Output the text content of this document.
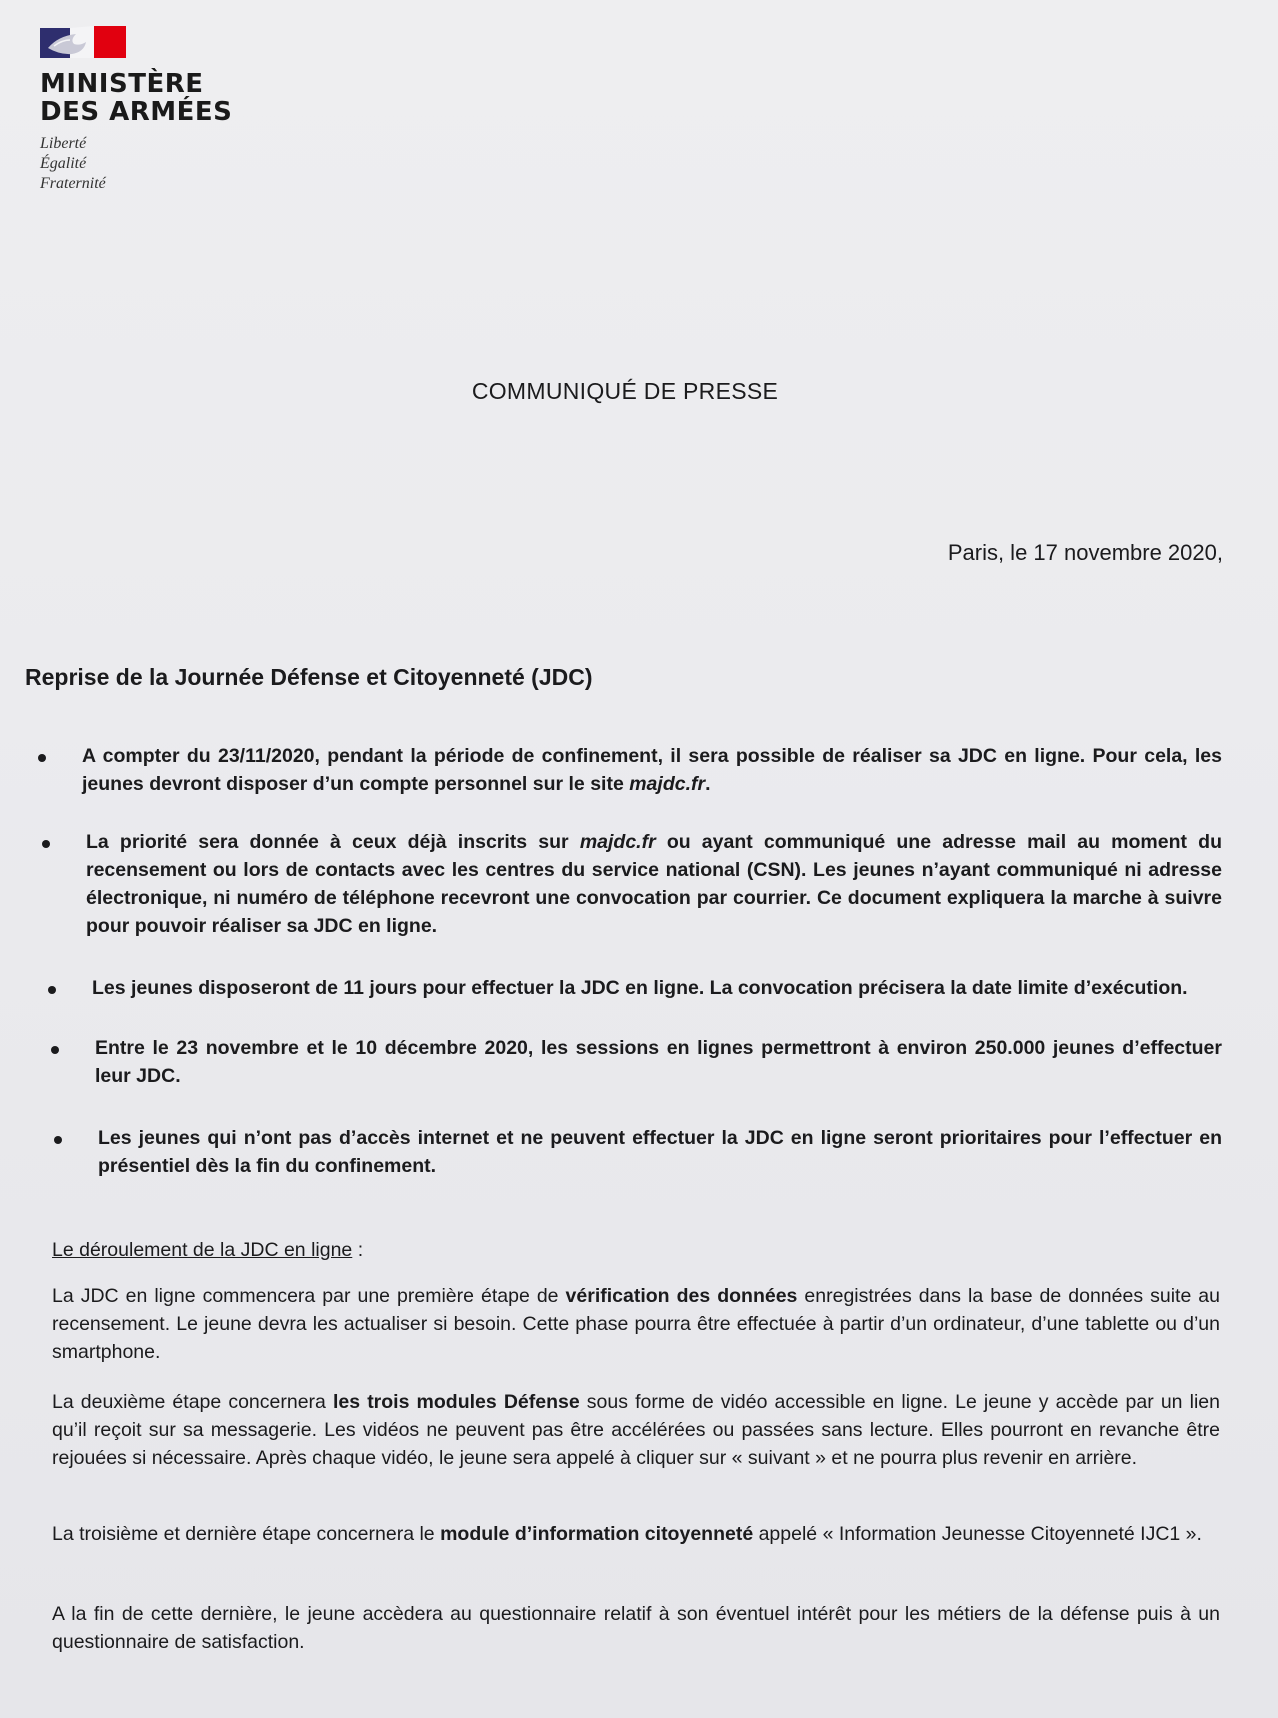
MINISTÈRE
DES ARMÉES
Liberté
Égalité
Fraternité
COMMUNIQUÉ DE PRESSE
Paris, le 17 novembre 2020,
Reprise de la Journée Défense et Citoyenneté (JDC)
A compter du 23/11/2020, pendant la période de confinement, il sera possible de réaliser sa JDC en ligne. Pour cela, les jeunes devront disposer d’un compte personnel sur le site majdc.fr.
La priorité sera donnée à ceux déjà inscrits sur majdc.fr ou ayant communiqué une adresse mail au moment du recensement ou lors de contacts avec les centres du service national (CSN). Les jeunes n’ayant communiqué ni adresse électronique, ni numéro de téléphone recevront une convocation par courrier. Ce document expliquera la marche à suivre pour pouvoir réaliser sa JDC en ligne.
Les jeunes disposeront de 11 jours pour effectuer la JDC en ligne. La convocation précisera la date limite d’exécution.
Entre le 23 novembre et le 10 décembre 2020, les sessions en lignes permettront à environ 250.000 jeunes d’effectuer leur JDC.
Les jeunes qui n’ont pas d’accès internet et ne peuvent effectuer la JDC en ligne seront prioritaires pour l’effectuer en présentiel dès la fin du confinement.
Le déroulement de la JDC en ligne :
La JDC en ligne commencera par une première étape de vérification des données enregistrées dans la base de données suite au recensement. Le jeune devra les actualiser si besoin. Cette phase pourra être effectuée à partir d’un ordinateur, d’une tablette ou d’un smartphone.
La deuxième étape concernera les trois modules Défense sous forme de vidéo accessible en ligne. Le jeune y accède par un lien qu’il reçoit sur sa messagerie. Les vidéos ne peuvent pas être accélérées ou passées sans lecture. Elles pourront en revanche être rejouées si nécessaire. Après chaque vidéo, le jeune sera appelé à cliquer sur « suivant » et ne pourra plus revenir en arrière.
La troisième et dernière étape concernera le module d’information citoyenneté appelé « Information Jeunesse Citoyenneté IJC1 ».
A la fin de cette dernière, le jeune accèdera au questionnaire relatif à son éventuel intérêt pour les métiers de la défense puis à un questionnaire de satisfaction.
